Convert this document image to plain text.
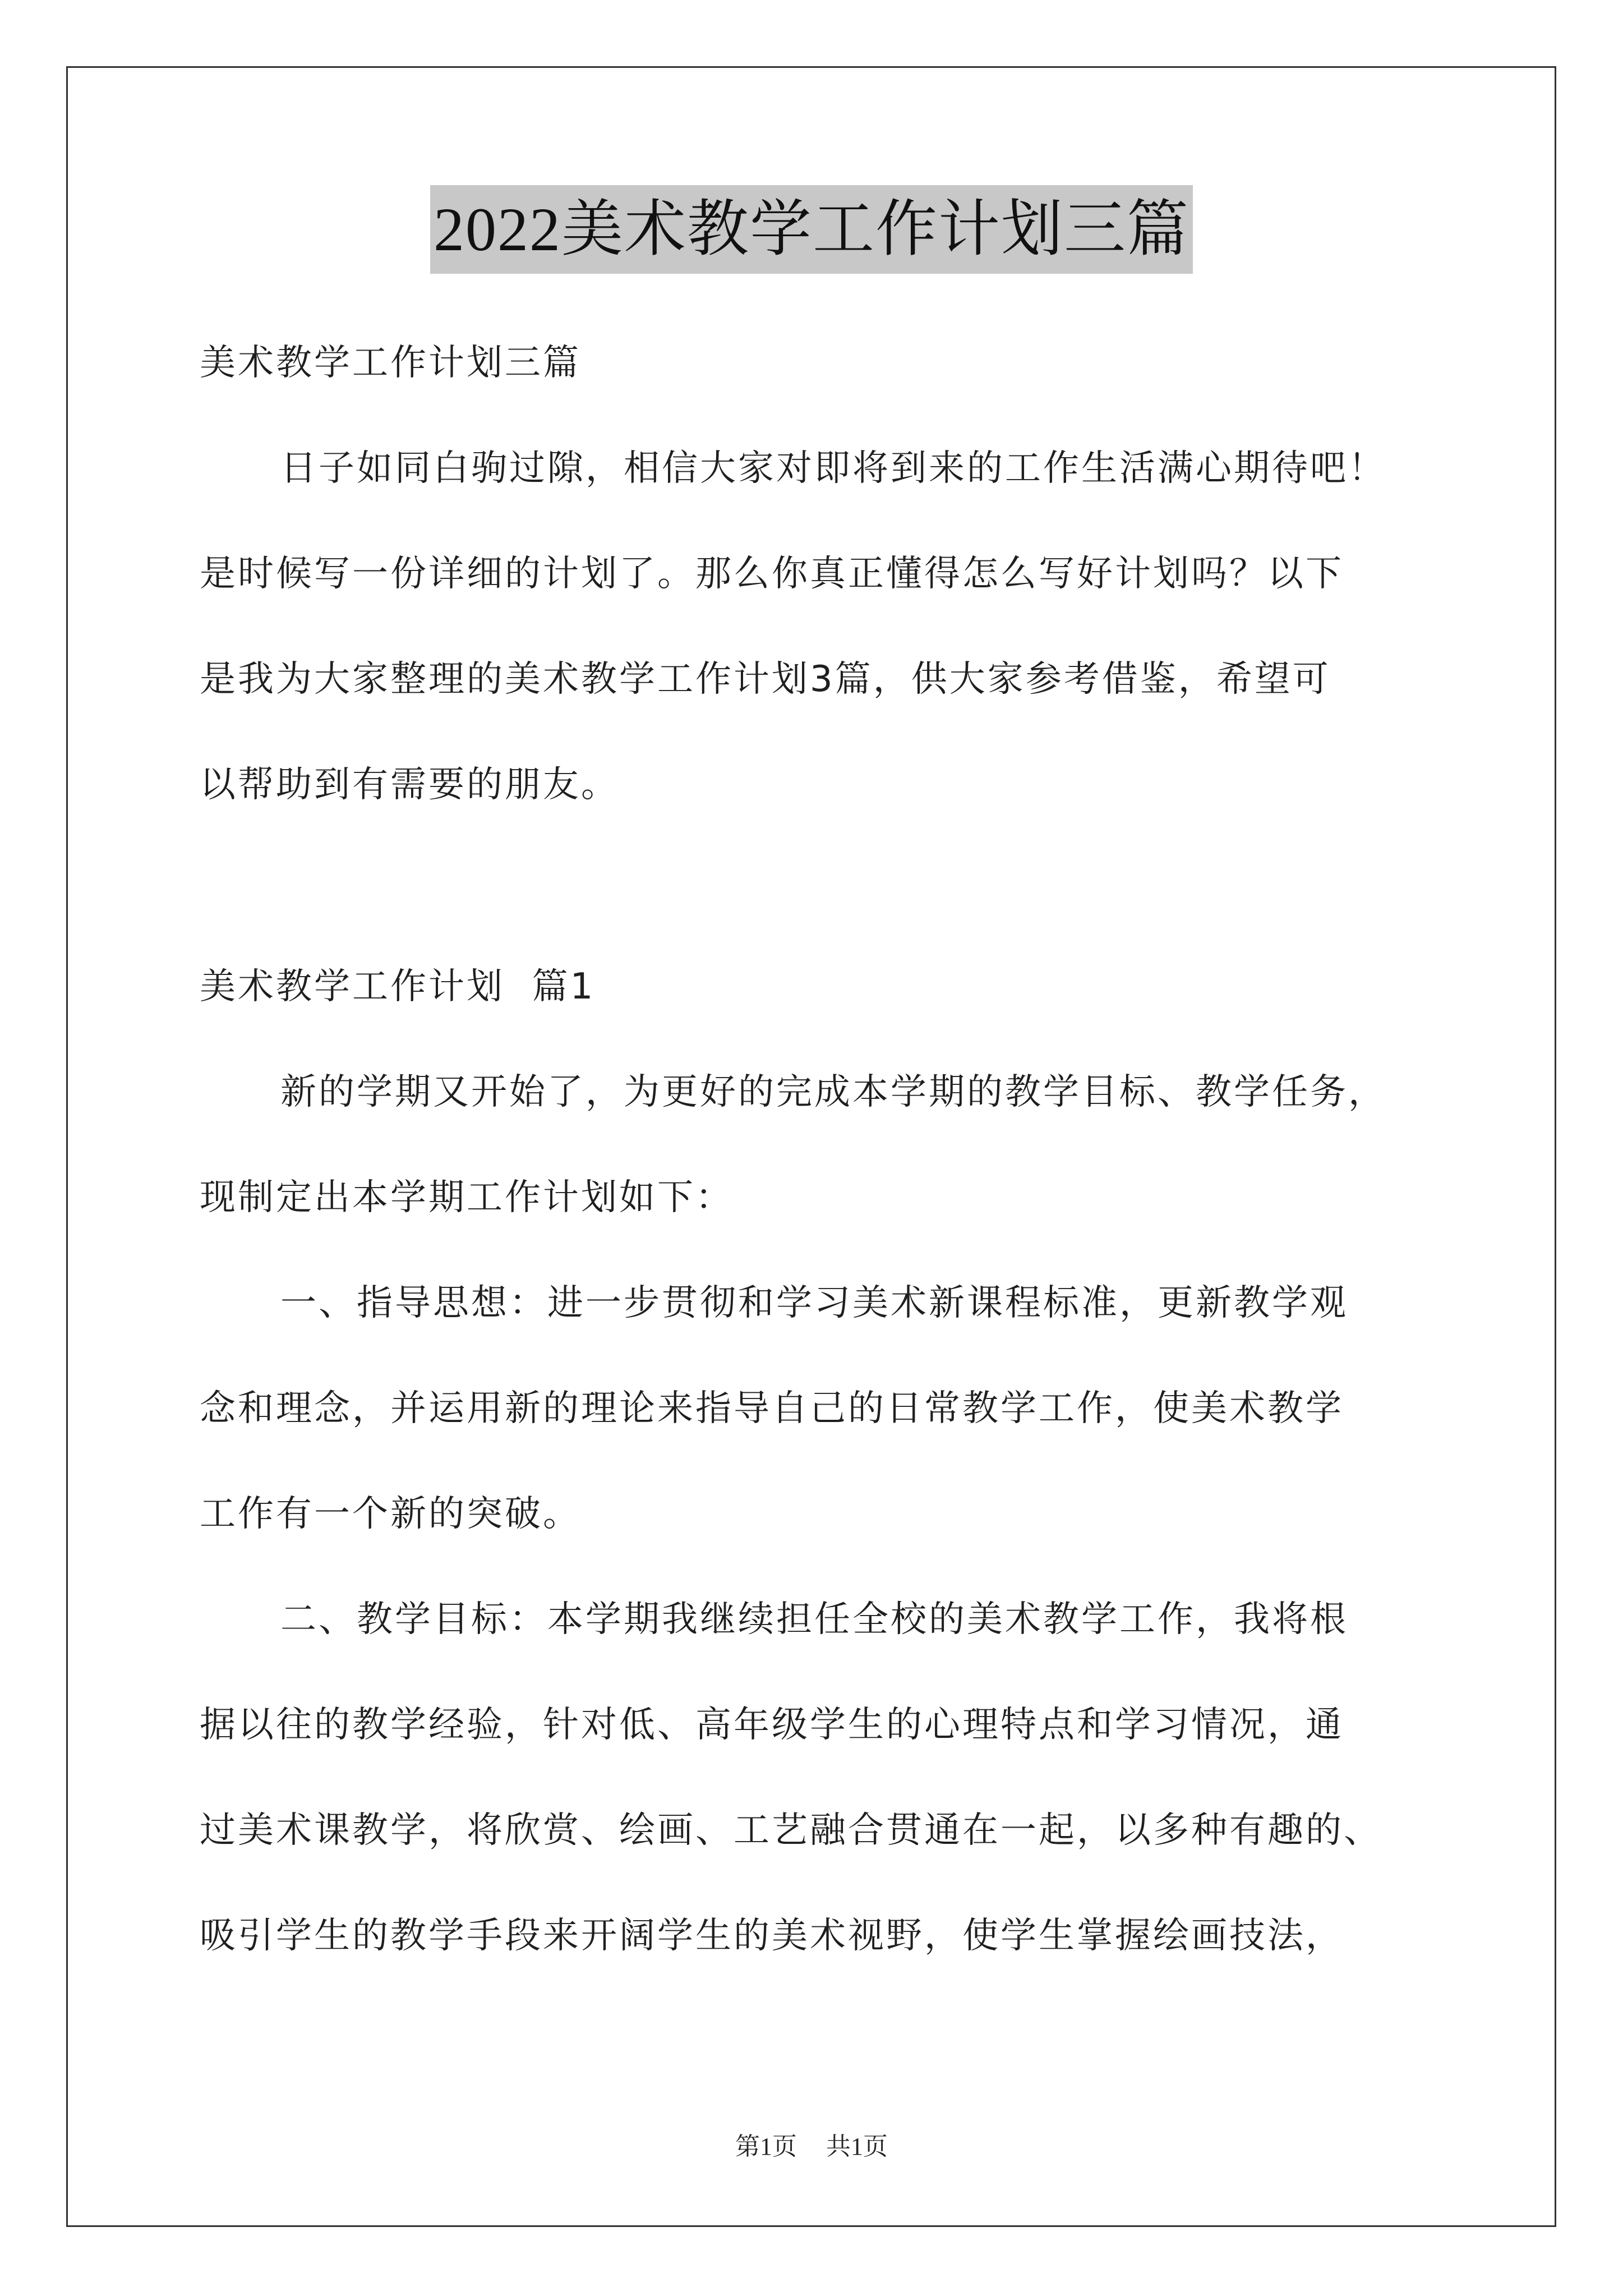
2022美术教学工作计划三篇

美术教学工作计划三篇

日子如同白驹过隙，相信大家对即将到来的工作生活满心期待吧！

是时候写一份详细的计划了。那么你真正懂得怎么写好计划吗？以下

是我为大家整理的美术教学工作计划3篇，供大家参考借鉴，希望可

以帮助到有需要的朋友。

美术教学工作计划  篇1

新的学期又开始了，为更好的完成本学期的教学目标、教学任务，

现制定出本学期工作计划如下：

一、指导思想：进一步贯彻和学习美术新课程标准，更新教学观

念和理念，并运用新的理论来指导自己的日常教学工作，使美术教学

工作有一个新的突破。

二、教学目标：本学期我继续担任全校的美术教学工作，我将根

据以往的教学经验，针对低、高年级学生的心理特点和学习情况，通

过美术课教学，将欣赏、绘画、工艺融合贯通在一起，以多种有趣的、

吸引学生的教学手段来开阔学生的美术视野，使学生掌握绘画技法，

第1页 共1页
